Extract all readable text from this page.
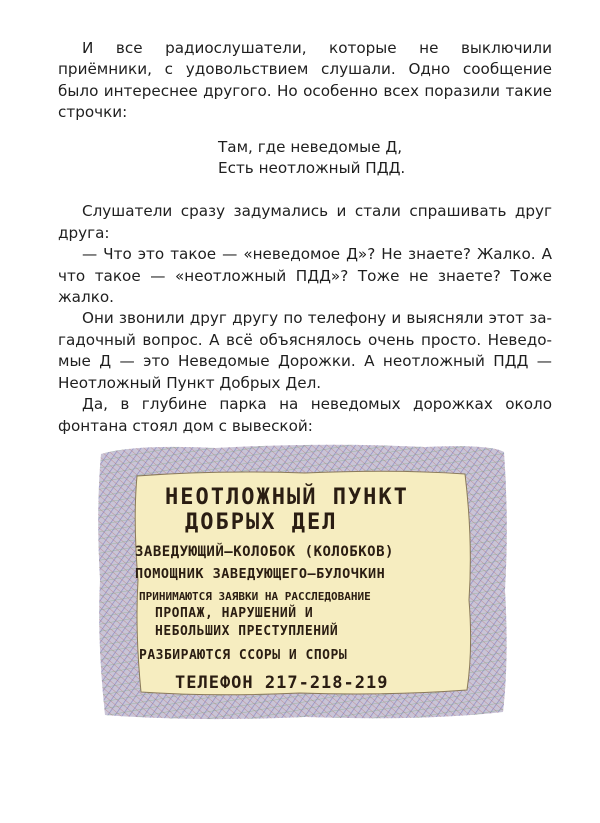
И все радиослушатели, которые не выключили приёмники, с удовольствием слушали. Одно сообщение было интереснее другого. Но особенно всех поразили такие строчки:

Там, где неведомые Д,
Есть неотложный ПДД.

Слушатели сразу задумались и стали спрашивать друг друга:

— Что это такое — «неведомое Д»? Не знаете? Жалко. А что такое — «неотложный ПДД»? Тоже не знаете? Тоже жалко.

Они звонили друг другу по телефону и выясняли этот загадочный вопрос. А всё объяснялось очень просто. Неведомые Д — это Неведомые Дорожки. А неотложный ПДД — Неотложный Пункт Добрых Дел.

Да, в глубине парка на неведомых дорожках около фонтана стоял дом с вывеской:

НЕОТЛОЖНЫЙ ПУНКТ
ДОБРЫХ ДЕЛ
ЗАВЕДУЮЩИЙ—КОЛОБОК (КОЛОБКОВ)
ПОМОЩНИК ЗАВЕДУЮЩЕГО—БУЛОЧКИН
ПРИНИМАЮТСЯ ЗАЯВКИ НА РАССЛЕДОВАНИЕ
ПРОПАЖ, НАРУШЕНИЙ И
НЕБОЛЬШИХ ПРЕСТУПЛЕНИЙ
РАЗБИРАЮТСЯ ССОРЫ И СПОРЫ
ТЕЛЕФОН 217-218-219
